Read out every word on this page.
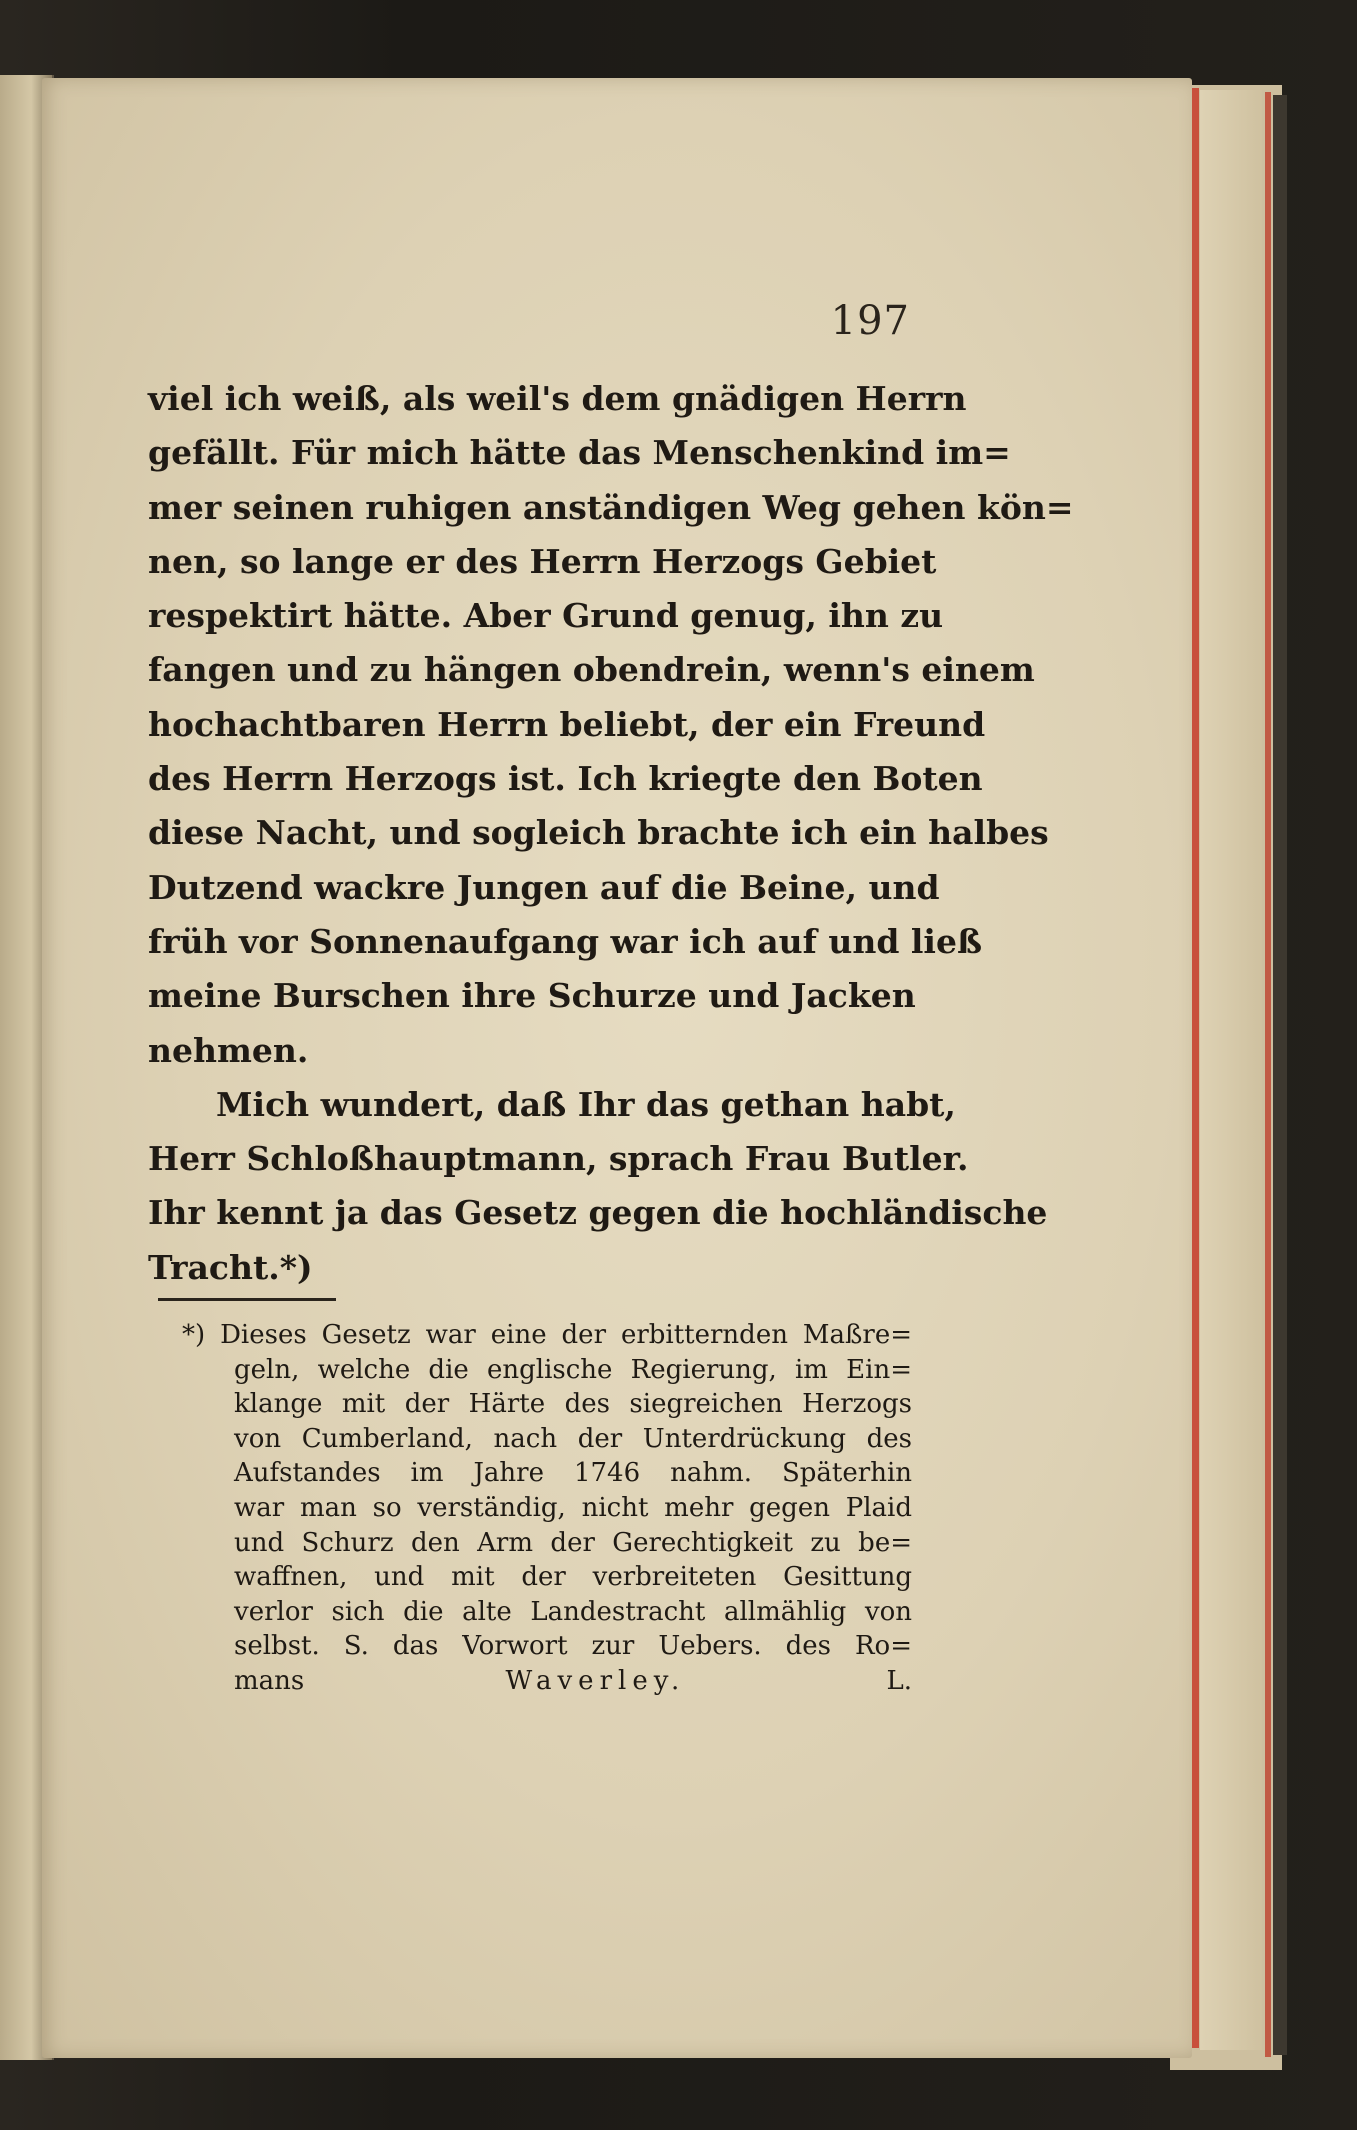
197
viel ich weiß, als weil's dem gnädigen Herrn
gefällt. Für mich hätte das Menschenkind im=
mer seinen ruhigen anständigen Weg gehen kön=
nen, so lange er des Herrn Herzogs Gebiet
respektirt hätte. Aber Grund genug, ihn zu
fangen und zu hängen obendrein, wenn's einem
hochachtbaren Herrn beliebt, der ein Freund
des Herrn Herzogs ist. Ich kriegte den Boten
diese Nacht, und sogleich brachte ich ein halbes
Dutzend wackre Jungen auf die Beine, und
früh vor Sonnenaufgang war ich auf und ließ
meine Burschen ihre Schurze und Jacken
nehmen.
Mich wundert, daß Ihr das gethan habt,
Herr Schloßhauptmann, sprach Frau Butler.
Ihr kennt ja das Gesetz gegen die hochländische
Tracht.*)
*) Dieses Gesetz war eine der erbitternden Maßre=
geln, welche die englische Regierung, im Ein=
klange mit der Härte des siegreichen Herzogs
von Cumberland, nach der Unterdrückung des
Aufstandes im Jahre 1746 nahm. Späterhin
war man so verständig, nicht mehr gegen Plaid
und Schurz den Arm der Gerechtigkeit zu be=
waffnen, und mit der verbreiteten Gesittung
verlor sich die alte Landestracht allmählig von
selbst. S. das Vorwort zur Uebers. des Ro=
mans	Waverley.	L.
